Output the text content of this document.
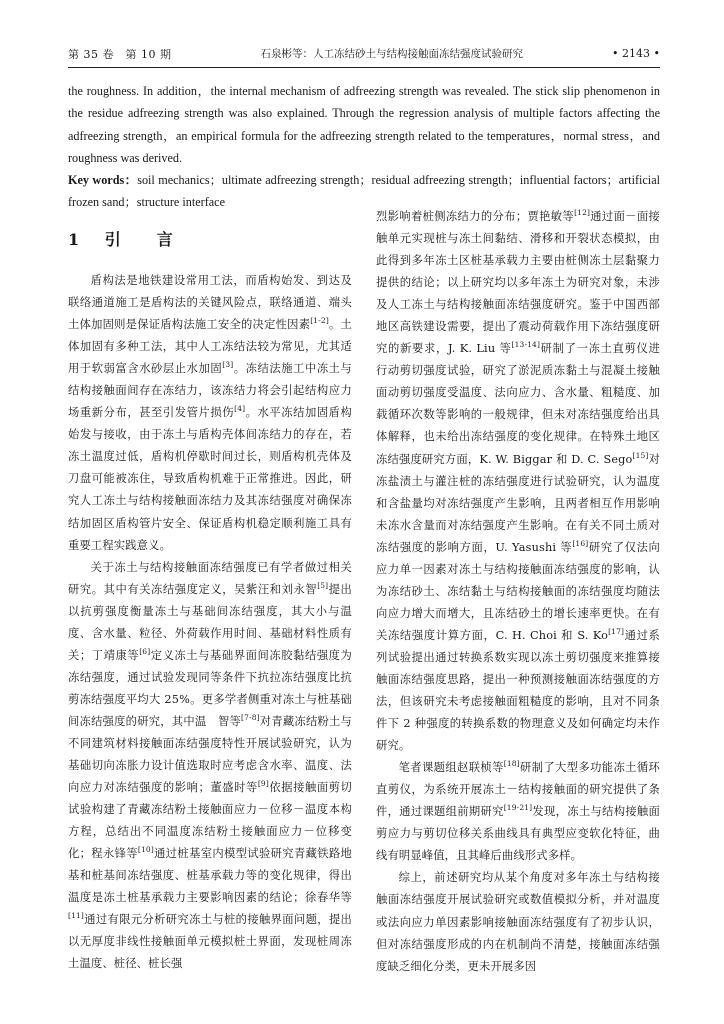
第 35 卷　第 10 期	石泉彬等：人工冻结砂土与结构接触面冻结强度试验研究	• 2143 •

the roughness. In addition，the internal mechanism of adfreezing strength was revealed. The stick slip phenomenon in the residue adfreezing strength was also explained. Through the regression analysis of multiple factors affecting the adfreezing strength，an empirical formula for the adfreezing strength related to the temperatures，normal stress，and roughness was derived.

Key words：soil mechanics；ultimate adfreezing strength；residual adfreezing strength；influential factors；artificial frozen sand；structure interface

1 引　言

盾构法是地铁建设常用工法，而盾构始发、到达及联络通道施工是盾构法的关键风险点，联络通道、端头土体加固则是保证盾构法施工安全的决定性因素[1-2]。土体加固有多种工法，其中人工冻结法较为常见，尤其适用于软弱富含水砂层止水加固[3]。冻结法施工中冻土与结构接触面间存在冻结力，该冻结力将会引起结构应力场重新分布，甚至引发管片损伤[4]。水平冻结加固盾构始发与接收，由于冻土与盾构壳体间冻结力的存在，若冻土温度过低，盾构机停歇时间过长，则盾构机壳体及刀盘可能被冻住，导致盾构机难于正常推进。因此，研究人工冻土与结构接触面冻结力及其冻结强度对确保冻结加固区盾构管片安全、保证盾构机稳定顺利施工具有重要工程实践意义。

关于冻土与结构接触面冻结强度已有学者做过相关研究。其中有关冻结强度定义，吴紫汪和刘永智[5]提出以抗剪强度衡量冻土与基础间冻结强度，其大小与温度、含水量、粒径、外荷载作用时间、基础材料性质有关；丁靖康等[6]定义冻土与基础界面间冻胶黏结强度为冻结强度，通过试验发现同等条件下抗拉冻结强度比抗剪冻结强度平均大 25%。更多学者侧重对冻土与桩基础间冻结强度的研究，其中温　智等[7-8]对青藏冻结粉土与不同建筑材料接触面冻结强度特性开展试验研究，认为基础切向冻胀力设计值选取时应考虑含水率、温度、法向应力对冻结强度的影响；董盛时等[9]依据接触面剪切试验构建了青藏冻结粉土接触面应力－位移－温度本构方程，总结出不同温度冻结粉土接触面应力－位移变化；程永锋等[10]通过桩基室内模型试验研究青藏铁路地基和桩基间冻结强度、桩基承载力等的变化规律，得出温度是冻土桩基承载力主要影响因素的结论；徐春华等[11]通过有限元分析研究冻土与桩的接触界面问题，提出以无厚度非线性接触面单元模拟桩土界面，发现桩周冻土温度、桩径、桩长强

烈影响着桩侧冻结力的分布；贾艳敏等[12]通过面－面接触单元实现桩与冻土间黏结、滑移和开裂状态模拟，由此得到多年冻土区桩基承载力主要由桩侧冻土层黏聚力提供的结论；以上研究均以多年冻土为研究对象，未涉及人工冻土与结构接触面冻结强度研究。鉴于中国西部地区高铁建设需要，提出了震动荷载作用下冻结强度研究的新要求，J. K. Liu 等[13-14]研制了一冻土直剪仪进行动剪切强度试验，研究了淤泥质冻黏土与混凝土接触面动剪切强度受温度、法向应力、含水量、粗糙度、加载循环次数等影响的一般规律，但未对冻结强度给出具体解释，也未给出冻结强度的变化规律。在特殊土地区冻结强度研究方面，K. W. Biggar 和 D. C. Sego[15]对冻盐渍土与灌注桩的冻结强度进行试验研究，认为温度和含盐量均对冻结强度产生影响，且两者相互作用影响未冻水含量而对冻结强度产生影响。在有关不同土质对冻结强度的影响方面，U. Yasushi 等[16]研究了仅法向应力单一因素对冻土与结构接触面冻结强度的影响，认为冻结砂土、冻结黏土与结构接触面的冻结强度均随法向应力增大而增大，且冻结砂土的增长速率更快。在有关冻结强度计算方面，C. H. Choi 和 S. Ko[17]通过系列试验提出通过转换系数实现以冻土剪切强度来推算接触面冻结强度思路，提出一种预测接触面冻结强度的方法，但该研究未考虑接触面粗糙度的影响，且对不同条件下 2 种强度的转换系数的物理意义及如何确定均未作研究。

笔者课题组赵联桢等[18]研制了大型多功能冻土循环直剪仪，为系统开展冻土－结构接触面的研究提供了条件，通过课题组前期研究[19-21]发现，冻土与结构接触面剪应力与剪切位移关系曲线具有典型应变软化特征，曲线有明显峰值，且其峰后曲线形式多样。

综上，前述研究均从某个角度对多年冻土与结构接触面冻结强度开展试验研究或数值模拟分析，并对温度或法向应力单因素影响接触面冻结强度有了初步认识，但对冻结强度形成的内在机制尚不清楚，接触面冻结强度缺乏细化分类，更未开展多因
